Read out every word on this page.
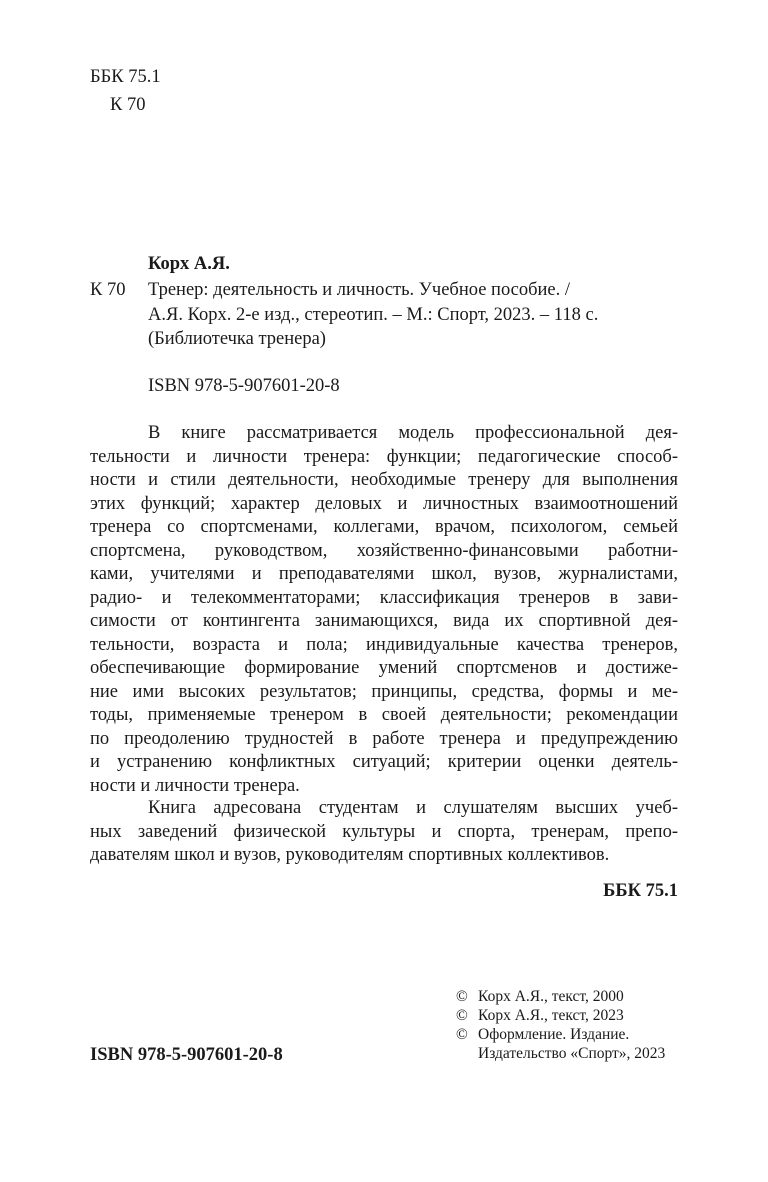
ББК 75.1
К 70
Корх А.Я.
К 70 Тренер: деятельность и личность. Учебное пособие. /
А.Я. Корх. 2-е изд., стереотип. – М.: Спорт, 2023. – 118 с.
(Библиотечка тренера)
ISBN 978-5-907601-20-8
В книге рассматривается модель профессиональной дея-
тельности и личности тренера: функции; педагогические способ-
ности и стили деятельности, необходимые тренеру для выполнения
этих функций; характер деловых и личностных взаимоотношений
тренера со спортсменами, коллегами, врачом, психологом, семьей
спортсмена, руководством, хозяйственно-финансовыми работни-
ками, учителями и преподавателями школ, вузов, журналистами,
радио- и телекомментаторами; классификация тренеров в зави-
симости от контингента занимающихся, вида их спортивной дея-
тельности, возраста и пола; индивидуальные качества тренеров,
обеспечивающие формирование умений спортсменов и достиже-
ние ими высоких результатов; принципы, средства, формы и ме-
тоды, применяемые тренером в своей деятельности; рекомендации
по преодолению трудностей в работе тренера и предупреждению
и устранению конфликтных ситуаций; критерии оценки деятель-
ности и личности тренера.
Книга адресована студентам и слушателям высших учеб-
ных заведений физической культуры и спорта, тренерам, препо-
давателям школ и вузов, руководителям спортивных коллективов.
ББК 75.1
© Корх А.Я., текст, 2000
© Корх А.Я., текст, 2023
© Оформление. Издание.
Издательство «Спорт», 2023
ISBN 978-5-907601-20-8
